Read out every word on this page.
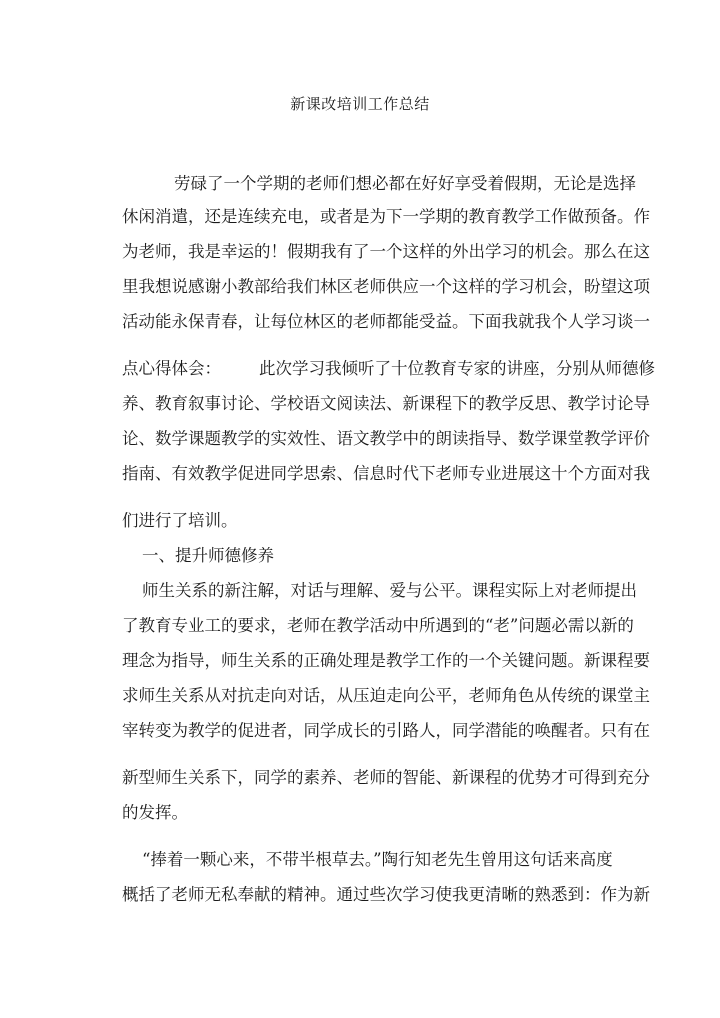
新课改培训工作总结
劳碌了一个学期的老师们想必都在好好享受着假期，无论是选择
休闲消遣，还是连续充电，或者是为下一学期的教育教学工作做预备。作
为老师，我是幸运的！假期我有了一个这样的外出学习的机会。那么在这
里我想说感谢小教部给我们林区老师供应一个这样的学习机会，盼望这项
活动能永保青春，让每位林区的老师都能受益。下面我就我个人学习谈一
点心得体会： 此次学习我倾听了十位教育专家的讲座，分别从师德修
养、教育叙事讨论、学校语文阅读法、新课程下的教学反思、教学讨论导
论、数学课题教学的实效性、语文教学中的朗读指导、数学课堂教学评价
指南、有效教学促进同学思索、信息时代下老师专业进展这十个方面对我
们进行了培训。
一、提升师德修养
师生关系的新注解，对话与理解、爱与公平。课程实际上对老师提出
了教育专业工的要求，老师在教学活动中所遇到的“老”问题必需以新的
理念为指导，师生关系的正确处理是教学工作的一个关键问题。新课程要
求师生关系从对抗走向对话，从压迫走向公平，老师角色从传统的课堂主
宰转变为教学的促进者，同学成长的引路人，同学潜能的唤醒者。只有在
新型师生关系下，同学的素养、老师的智能、新课程的优势才可得到充分
的发挥。
“捧着一颗心来，不带半根草去。”陶行知老先生曾用这句话来高度
概括了老师无私奉献的精神。通过些次学习使我更清晰的熟悉到：作为新
